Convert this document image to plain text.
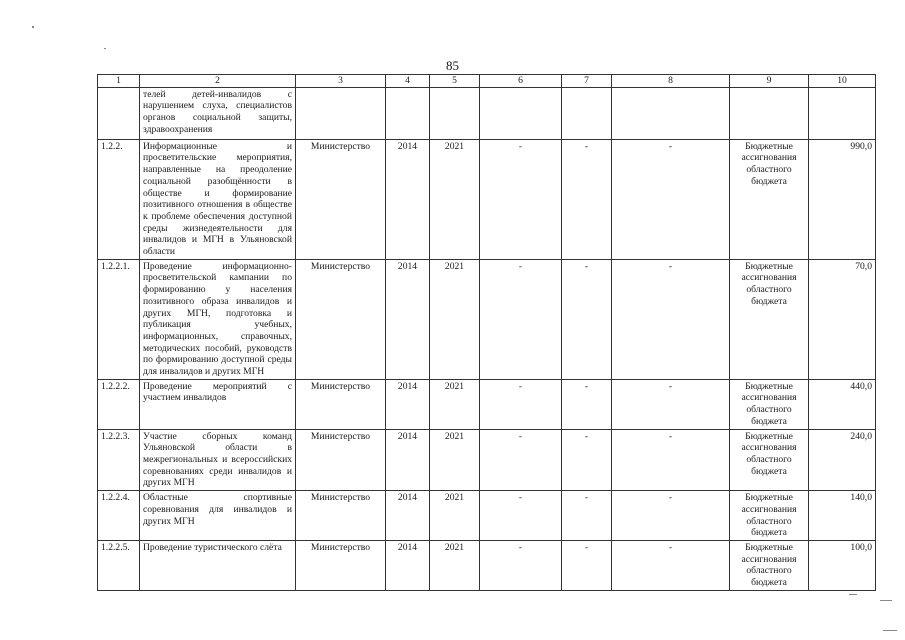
85
1	2	3	4	5	6	7	8	9	10
	телей детей-инвалидов с нарушением слуха, специалистов органов социальной защиты, здравоохранения								
1.2.2.	Информационные и просветительские мероприятия, направленные на преодоление социальной разобщённости в обществе и формирование позитивного отношения в обществе к проблеме обеспечения доступной среды жизнедеятельности для инвалидов и МГН в Ульяновской области	Министерство	2014	2021	-	-	-	Бюджетные ассигнования областного бюджета	990,0
1.2.2.1.	Проведение информационно-просветительской кампании по формированию у населения позитивного образа инвалидов и других МГН, подготовка и публикация учебных, информационных, справочных, методических пособий, руководств по формированию доступной среды для инвалидов и других МГН	Министерство	2014	2021	-	-	-	Бюджетные ассигнования областного бюджета	70,0
1.2.2.2.	Проведение мероприятий с участием инвалидов	Министерство	2014	2021	-	-	-	Бюджетные ассигнования областного бюджета	440,0
1.2.2.3.	Участие сборных команд Ульяновской области в межрегиональных и всероссийских соревнованиях среди инвалидов и других МГН	Министерство	2014	2021	-	-	-	Бюджетные ассигнования областного бюджета	240,0
1.2.2.4.	Областные спортивные соревнования для инвалидов и других МГН	Министерство	2014	2021	-	-	-	Бюджетные ассигнования областного бюджета	140,0
1.2.2.5.	Проведение туристического слёта	Министерство	2014	2021	-	-	-	Бюджетные ассигнования областного бюджета	100,0
